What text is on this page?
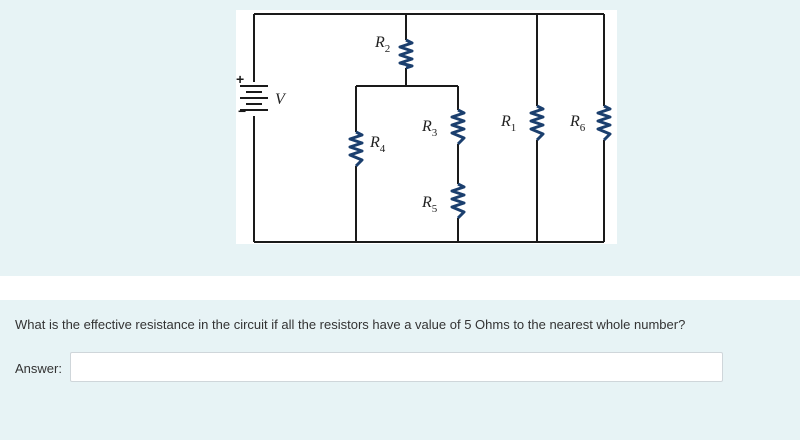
+
−
V
$R_2$
$R_3$
$R_4$
$R_5$
$R_1$	$R_6$
What is the effective resistance in the circuit if all the resistors have a value of 5 Ohms to the nearest whole number?
Answer:
